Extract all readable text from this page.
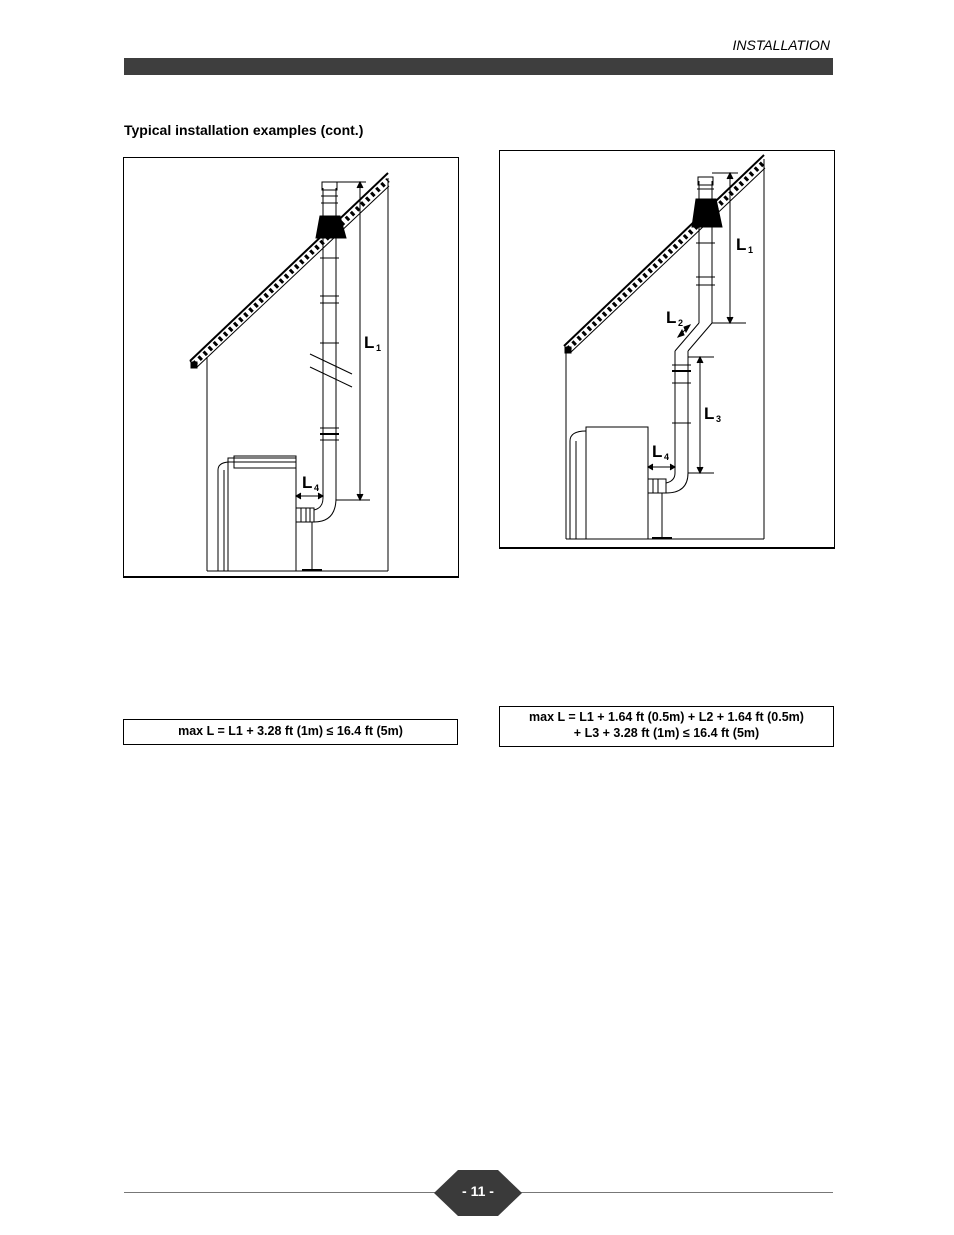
INSTALLATION
Typical installation examples (cont.)
L 1
L 4
L 1
L 2
L 3
L 4
max L = L1 + 3.28 ft (1m) ≤ 16.4 ft (5m)
max L = L1 + 1.64 ft (0.5m) + L2 + 1.64 ft (0.5m)
+ L3 + 3.28 ft (1m) ≤ 16.4 ft (5m)
- 11 -
